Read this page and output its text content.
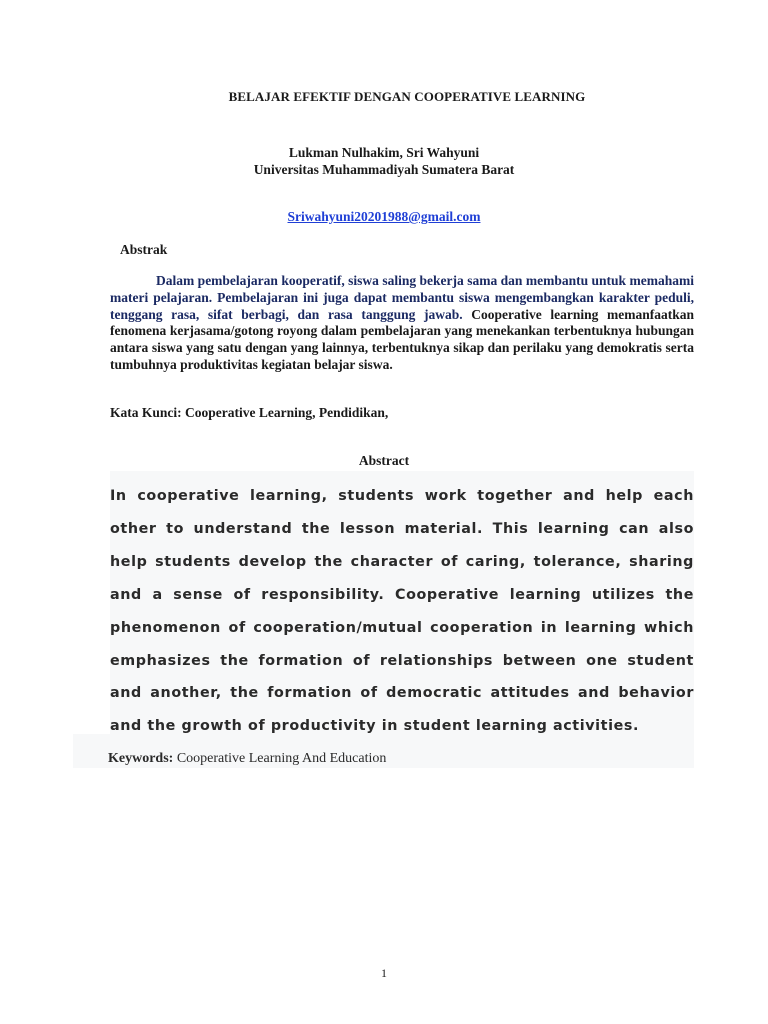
BELAJAR EFEKTIF DENGAN COOPERATIVE LEARNING
Lukman Nulhakim, Sri Wahyuni
Universitas Muhammadiyah Sumatera Barat
Sriwahyuni20201988@gmail.com
Abstrak
Dalam pembelajaran kooperatif, siswa saling bekerja sama dan membantu untuk memahami materi pelajaran. Pembelajaran ini juga dapat membantu siswa mengembangkan karakter peduli, tenggang rasa, sifat berbagi, dan rasa tanggung jawab. Cooperative learning memanfaatkan fenomena kerjasama/gotong royong dalam pembelajaran yang menekankan terbentuknya hubungan antara siswa yang satu dengan yang lainnya, terbentuknya sikap dan perilaku yang demokratis serta tumbuhnya produktivitas kegiatan belajar siswa.
Kata Kunci: Cooperative Learning, Pendidikan,
Abstract
In cooperative learning, students work together and help each other to understand the lesson material. This learning can also help students develop the character of caring, tolerance, sharing and a sense of responsibility. Cooperative learning utilizes the phenomenon of cooperation/mutual cooperation in learning which emphasizes the formation of relationships between one student and another, the formation of democratic attitudes and behavior and the growth of productivity in student learning activities.
Keywords: Cooperative Learning And Education
1
